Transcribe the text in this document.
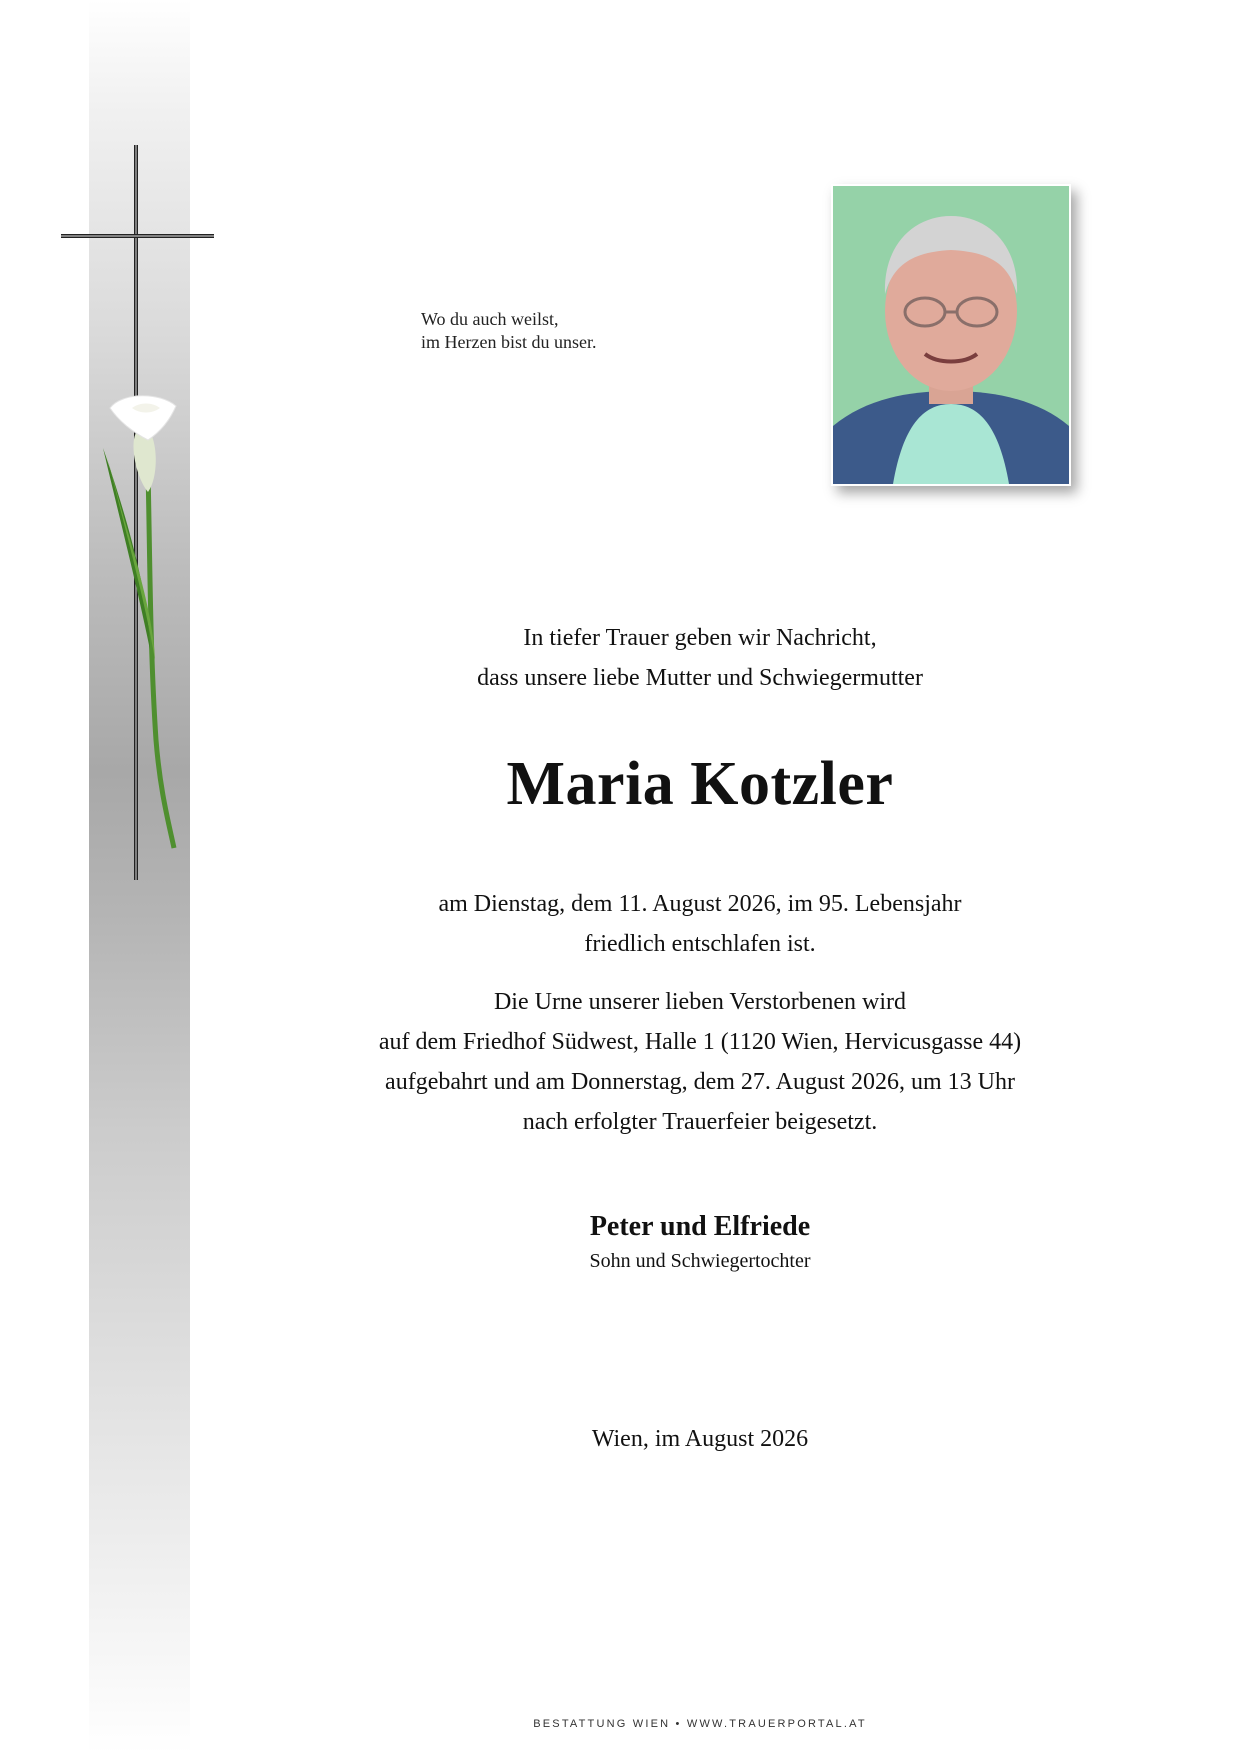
Wo du auch weilst,
im Herzen bist du unser.
In tiefer Trauer geben wir Nachricht,
dass unsere liebe Mutter und Schwiegermutter
Maria Kotzler
am Dienstag, dem 11. August 2026, im 95. Lebensjahr
friedlich entschlafen ist.
Die Urne unserer lieben Verstorbenen wird
auf dem Friedhof Südwest, Halle 1 (1120 Wien, Hervicusgasse 44)
aufgebahrt und am Donnerstag, dem 27. August 2026, um 13 Uhr
nach erfolgter Trauerfeier beigesetzt.
Peter und Elfriede
Sohn und Schwiegertochter
Wien, im August 2026
BESTATTUNG WIEN • WWW.TRAUERPORTAL.AT
